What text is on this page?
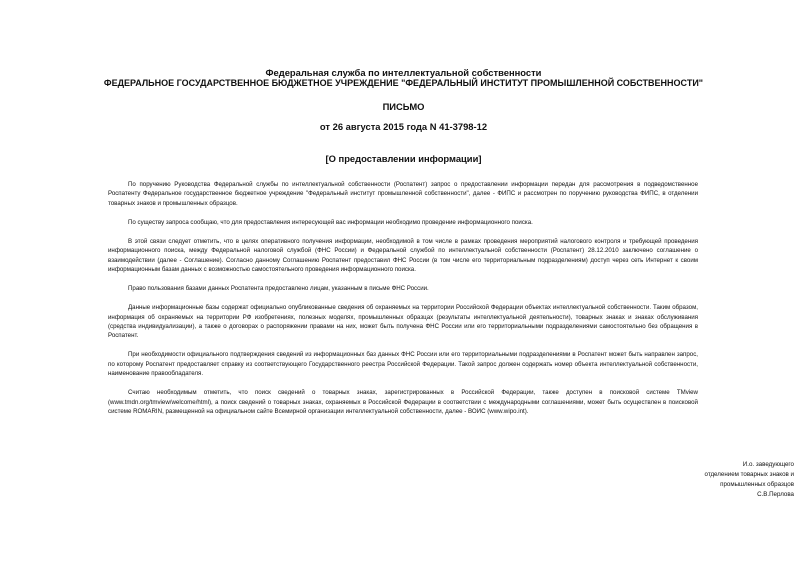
Федеральная служба по интеллектуальной собственности
ФЕДЕРАЛЬНОЕ ГОСУДАРСТВЕННОЕ БЮДЖЕТНОЕ УЧРЕЖДЕНИЕ "ФЕДЕРАЛЬНЫЙ ИНСТИТУТ ПРОМЫШЛЕННОЙ СОБСТВЕННОСТИ"
ПИСЬМО
от 26 августа 2015 года N 41-3798-12
[О предоставлении информации]

По поручению Руководства Федеральной службы по интеллектуальной собственности (Роспатент) запрос о предоставлении информации передан для рассмотрения в подведомственное Роспатенту Федеральное государственное бюджетное учреждение "Федеральный институт промышленной собственности", далее - ФИПС и рассмотрен по поручению руководства ФИПС, в отделении товарных знаков и промышленных образцов.

По существу запроса сообщаю, что для предоставления интересующей вас информации необходимо проведение информационного поиска.

В этой связи следует отметить, что в целях оперативного получения информации, необходимой в том числе в рамках проведения мероприятий налогового контроля и требующей проведения информационного поиска, между Федеральной налоговой службой (ФНС России) и Федеральной службой по интеллектуальной собственности (Роспатент) 28.12.2010 заключено соглашение о взаимодействии (далее - Соглашение). Согласно данному Соглашению Роспатент предоставил ФНС России (в том числе его территориальным подразделениям) доступ через сеть Интернет к своим информационным базам данных с возможностью самостоятельного проведения информационного поиска.

Право пользования базами данных Роспатента предоставлено лицам, указанным в письме ФНС России.

Данные информационные базы содержат официально опубликованные сведения об охраняемых на территории Российской Федерации объектах интеллектуальной собственности. Таким образом, информация об охраняемых на территории РФ изобретениях, полезных моделях, промышленных образцах (результаты интеллектуальной деятельности), товарных знаках и знаках обслуживания (средства индивидуализации), а также о договорах о распоряжении правами на них, может быть получена ФНС России или его территориальными подразделениями самостоятельно без обращения в Роспатент.

При необходимости официального подтверждения сведений из информационных баз данных ФНС России или его территориальными подразделениями в Роспатент может быть направлен запрос, по которому Роспатент предоставляет справку из соответствующего Государственного реестра Российской Федерации. Такой запрос должен содержать номер объекта интеллектуальной собственности, наименование правообладателя.

Считаю необходимым отметить, что поиск сведений о товарных знаках, зарегистрированных в Российской Федерации, также доступен в поисковой системе TMview (www.tmdn.org/tmview/welcome/html), а поиск сведений о товарных знаках, охраняемых в Российской Федерации в соответствии с международными соглашениями, может быть осуществлен в поисковой системе ROMARIN, размещенной на официальном сайте Всемирной организации интеллектуальной собственности, далее - ВОИС (www.wipo.int).

И.о. заведующего
отделением товарных знаков и
промышленных образцов
С.В.Перлова
